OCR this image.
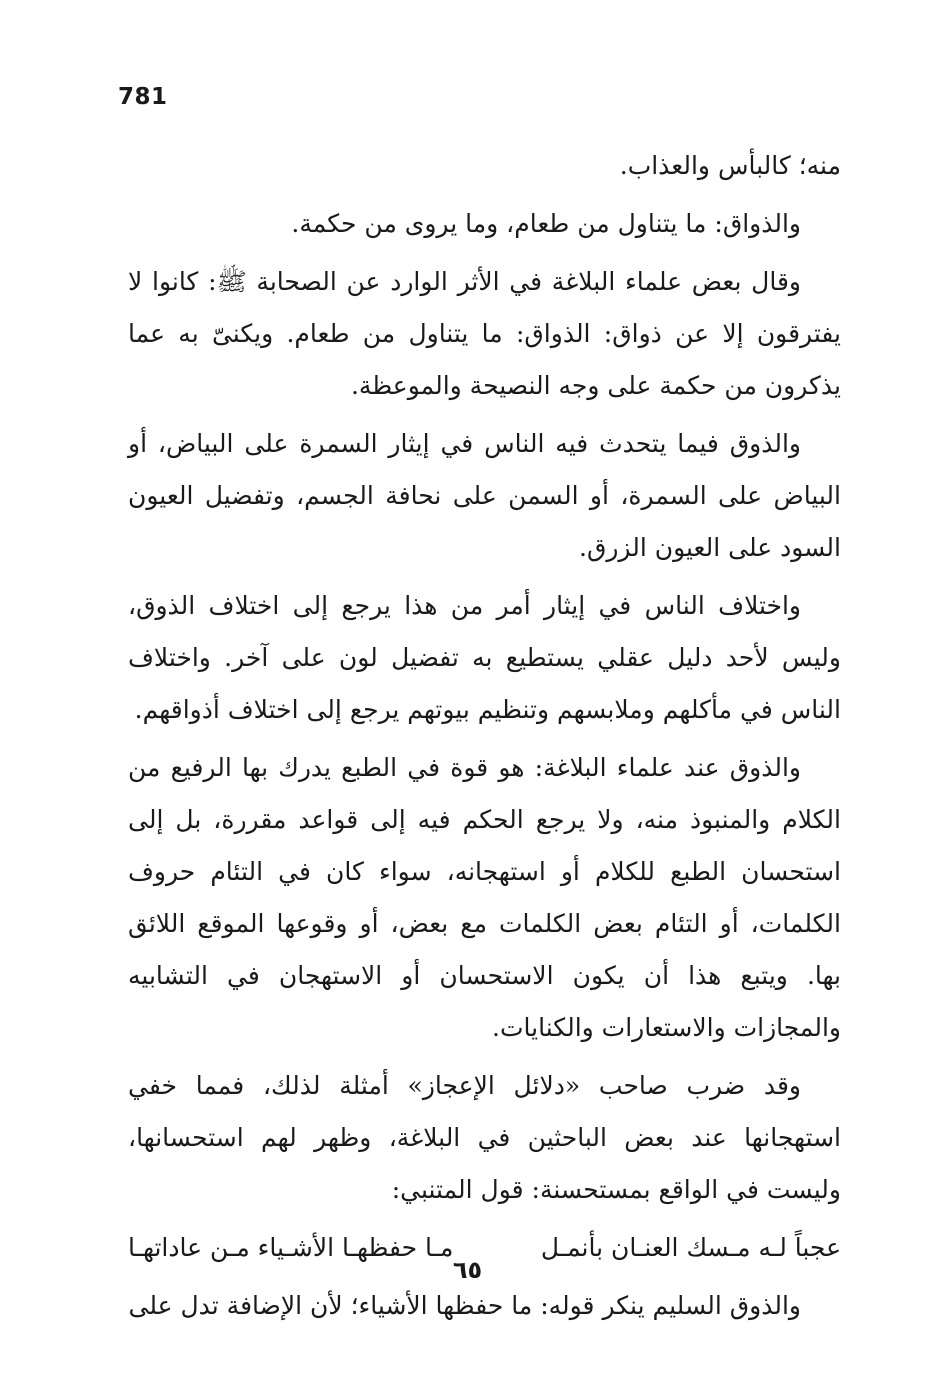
781

منه؛ كالبأس والعذاب.

والذواق: ما يتناول من طعام، وما يروى من حكمة.

وقال بعض علماء البلاغة في الأثر الوارد عن الصحابة ﷺ: كانوا لا يفترقون إلا عن ذواق: الذواق: ما يتناول من طعام. ويكنىّ به عما يذكرون من حكمة على وجه النصيحة والموعظة.

والذوق فيما يتحدث فيه الناس في إيثار السمرة على البياض، أو البياض على السمرة، أو السمن على نحافة الجسم، وتفضيل العيون السود على العيون الزرق.

واختلاف الناس في إيثار أمر من هذا يرجع إلى اختلاف الذوق، وليس لأحد دليل عقلي يستطيع به تفضيل لون على آخر. واختلاف الناس في مأكلهم وملابسهم وتنظيم بيوتهم يرجع إلى اختلاف أذواقهم.

والذوق عند علماء البلاغة: هو قوة في الطبع يدرك بها الرفيع من الكلام والمنبوذ منه، ولا يرجع الحكم فيه إلى قواعد مقررة، بل إلى استحسان الطبع للكلام أو استهجانه، سواء كان في التئام حروف الكلمات، أو التئام بعض الكلمات مع بعض، أو وقوعها الموقع اللائق بها. ويتبع هذا أن يكون الاستحسان أو الاستهجان في التشابيه والمجازات والاستعارات والكنايات.

وقد ضرب صاحب «دلائل الإعجاز» أمثلة لذلك، فمما خفي استهجانها عند بعض الباحثين في البلاغة، وظهر لهم استحسانها، وليست في الواقع بمستحسنة: قول المتنبي:

عجباً لـه مـسك العنـان بأنمـل
مـا حفظهـا الأشـياء مـن عاداتهـا

والذوق السليم ينكر قوله: ما حفظها الأشياء؛ لأن الإضافة تدل على

٦٥
